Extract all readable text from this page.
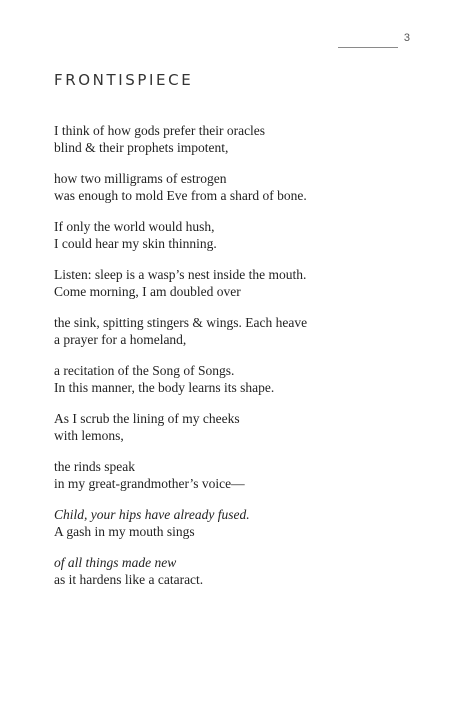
3
FRONTISPIECE

I think of how gods prefer their oracles
blind & their prophets impotent,

how two milligrams of estrogen
was enough to mold Eve from a shard of bone.

If only the world would hush,
I could hear my skin thinning.

Listen: sleep is a wasp’s nest inside the mouth.
Come morning, I am doubled over

the sink, spitting stingers & wings. Each heave
a prayer for a homeland,

a recitation of the Song of Songs.
In this manner, the body learns its shape.

As I scrub the lining of my cheeks
with lemons,

the rinds speak
in my great-grandmother’s voice—

Child, your hips have already fused.
A gash in my mouth sings

of all things made new
as it hardens like a cataract.
